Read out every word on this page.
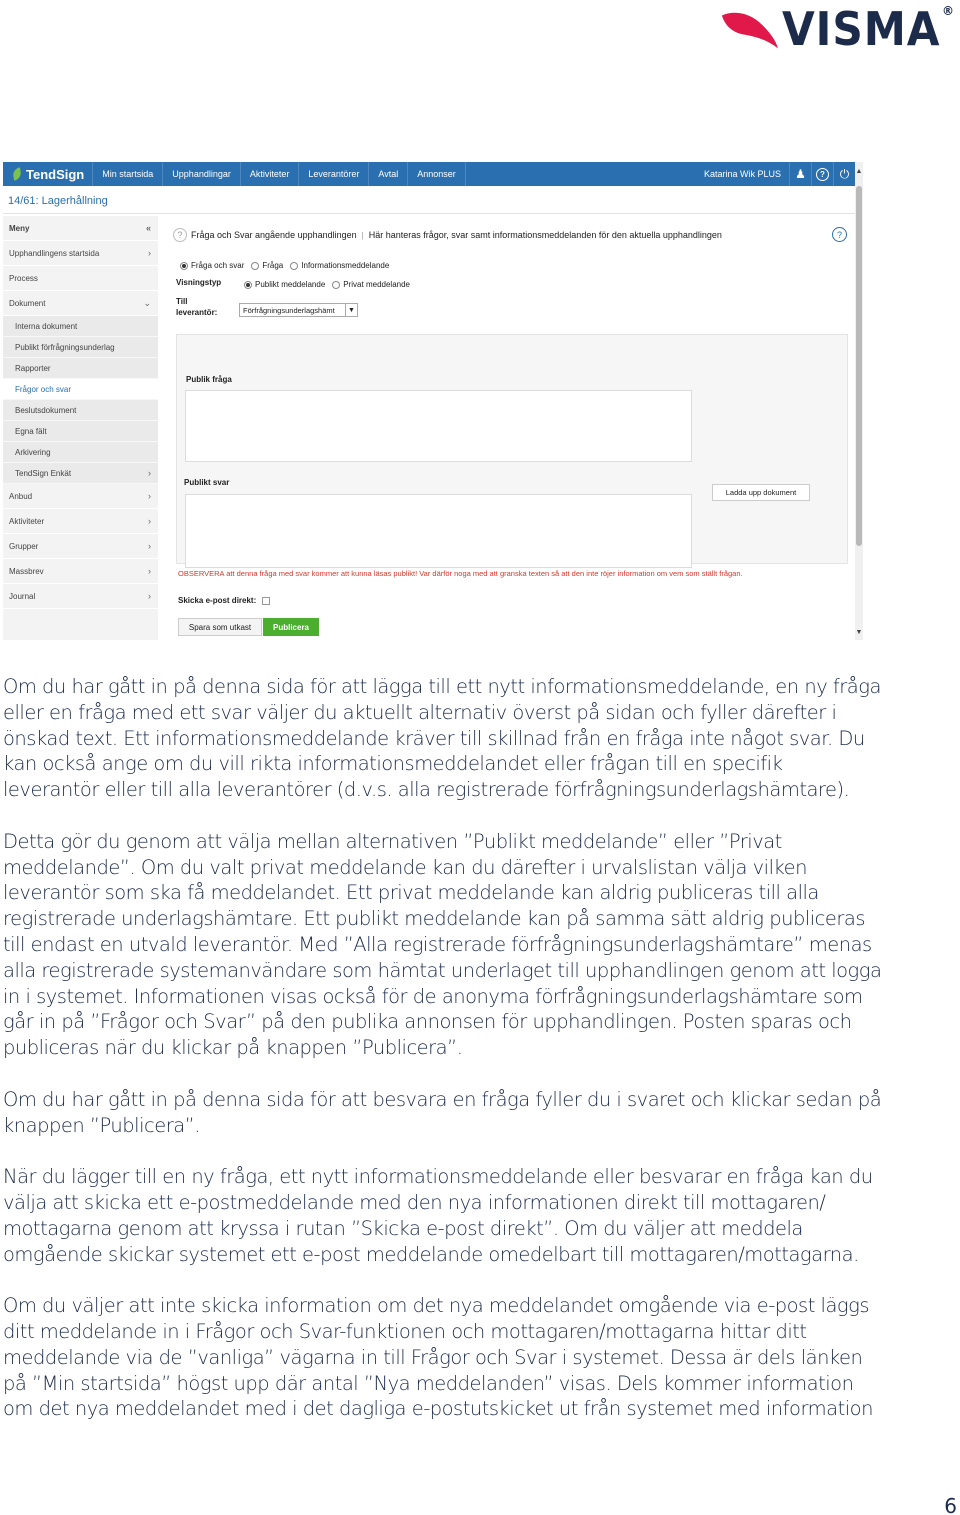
VISMA ®
TendSign	Min startsida	Upphandlingar	Aktiviteter	Leverantörer	Avtal	Annonser	Katarina Wik PLUS	♟	?	⏻ ▲
▼
14/61: Lagerhållning
Meny	«
Upphandlingens startsida	›
Process
Dokument	⌄
Interna dokument
Publikt förfrågningsunderlag
Rapporter
Frågor och svar
Beslutsdokument
Egna fält
Arkivering
TendSign Enkät	›
Anbud	›
Aktiviteter	›
Grupper	›
Massbrev	›
Journal	›
? Fråga och Svar angående upphandlingen | Här hanteras frågor, svar samt informationsmeddelanden för den aktuella upphandlingen	?
Fråga och svar Fråga Informationsmeddelande
Visningstyp	Publikt meddelande Privat meddelande
Till
leverantör:	Förfrågningsunderlagshämt	▼
Publik fråga
Publikt svar
Ladda upp dokument
OBSERVERA att denna fråga med svar kommer att kunna läsas publikt! Var därför noga med att granska texten så att den inte röjer information om vem som ställt frågan.
Skicka e-post direkt:
Spara som utkast	Publicera

Om du har gått in på denna sida för att lägga till ett nytt informationsmeddelande, en ny fråga eller en fråga med ett svar väljer du aktuellt alternativ överst på sidan och fyller därefter i önskad text. Ett informationsmeddelande kräver till skillnad från en fråga inte något svar. Du kan också ange om du vill rikta informationsmeddelandet eller frågan till en specifik leverantör eller till alla leverantörer (d.v.s. alla registrerade förfrågningsunderlagshämtare).

Detta gör du genom att välja mellan alternativen ”Publikt meddelande” eller ”Privat meddelande”. Om du valt privat meddelande kan du därefter i urvalslistan välja vilken leverantör som ska få meddelandet. Ett privat meddelande kan aldrig publiceras till alla registrerade underlagshämtare. Ett publikt meddelande kan på samma sätt aldrig publiceras till endast en utvald leverantör. Med ”Alla registrerade förfrågningsunderlagshämtare” menas alla registrerade systemanvändare som hämtat underlaget till upphandlingen genom att logga in i systemet. Informationen visas också för de anonyma förfrågningsunderlagshämtare som går in på ”Frågor och Svar” på den publika annonsen för upphandlingen. Posten sparas och publiceras när du klickar på knappen ”Publicera”.

Om du har gått in på denna sida för att besvara en fråga fyller du i svaret och klickar sedan på knappen ”Publicera”.

När du lägger till en ny fråga, ett nytt informationsmeddelande eller besvarar en fråga kan du välja att skicka ett e-postmeddelande med den nya informationen direkt till mottagaren/ mottagarna genom att kryssa i rutan ”Skicka e-post direkt”. Om du väljer att meddela omgående skickar systemet ett e-post meddelande omedelbart till mottagaren/mottagarna.

Om du väljer att inte skicka information om det nya meddelandet omgående via e-post läggs ditt meddelande in i Frågor och Svar-funktionen och mottagaren/mottagarna hittar ditt meddelande via de ”vanliga” vägarna in till Frågor och Svar i systemet. Dessa är dels länken på ”Min startsida” högst upp där antal ”Nya meddelanden” visas. Dels kommer information om det nya meddelandet med i det dagliga e-postutskicket ut från systemet med information

6
